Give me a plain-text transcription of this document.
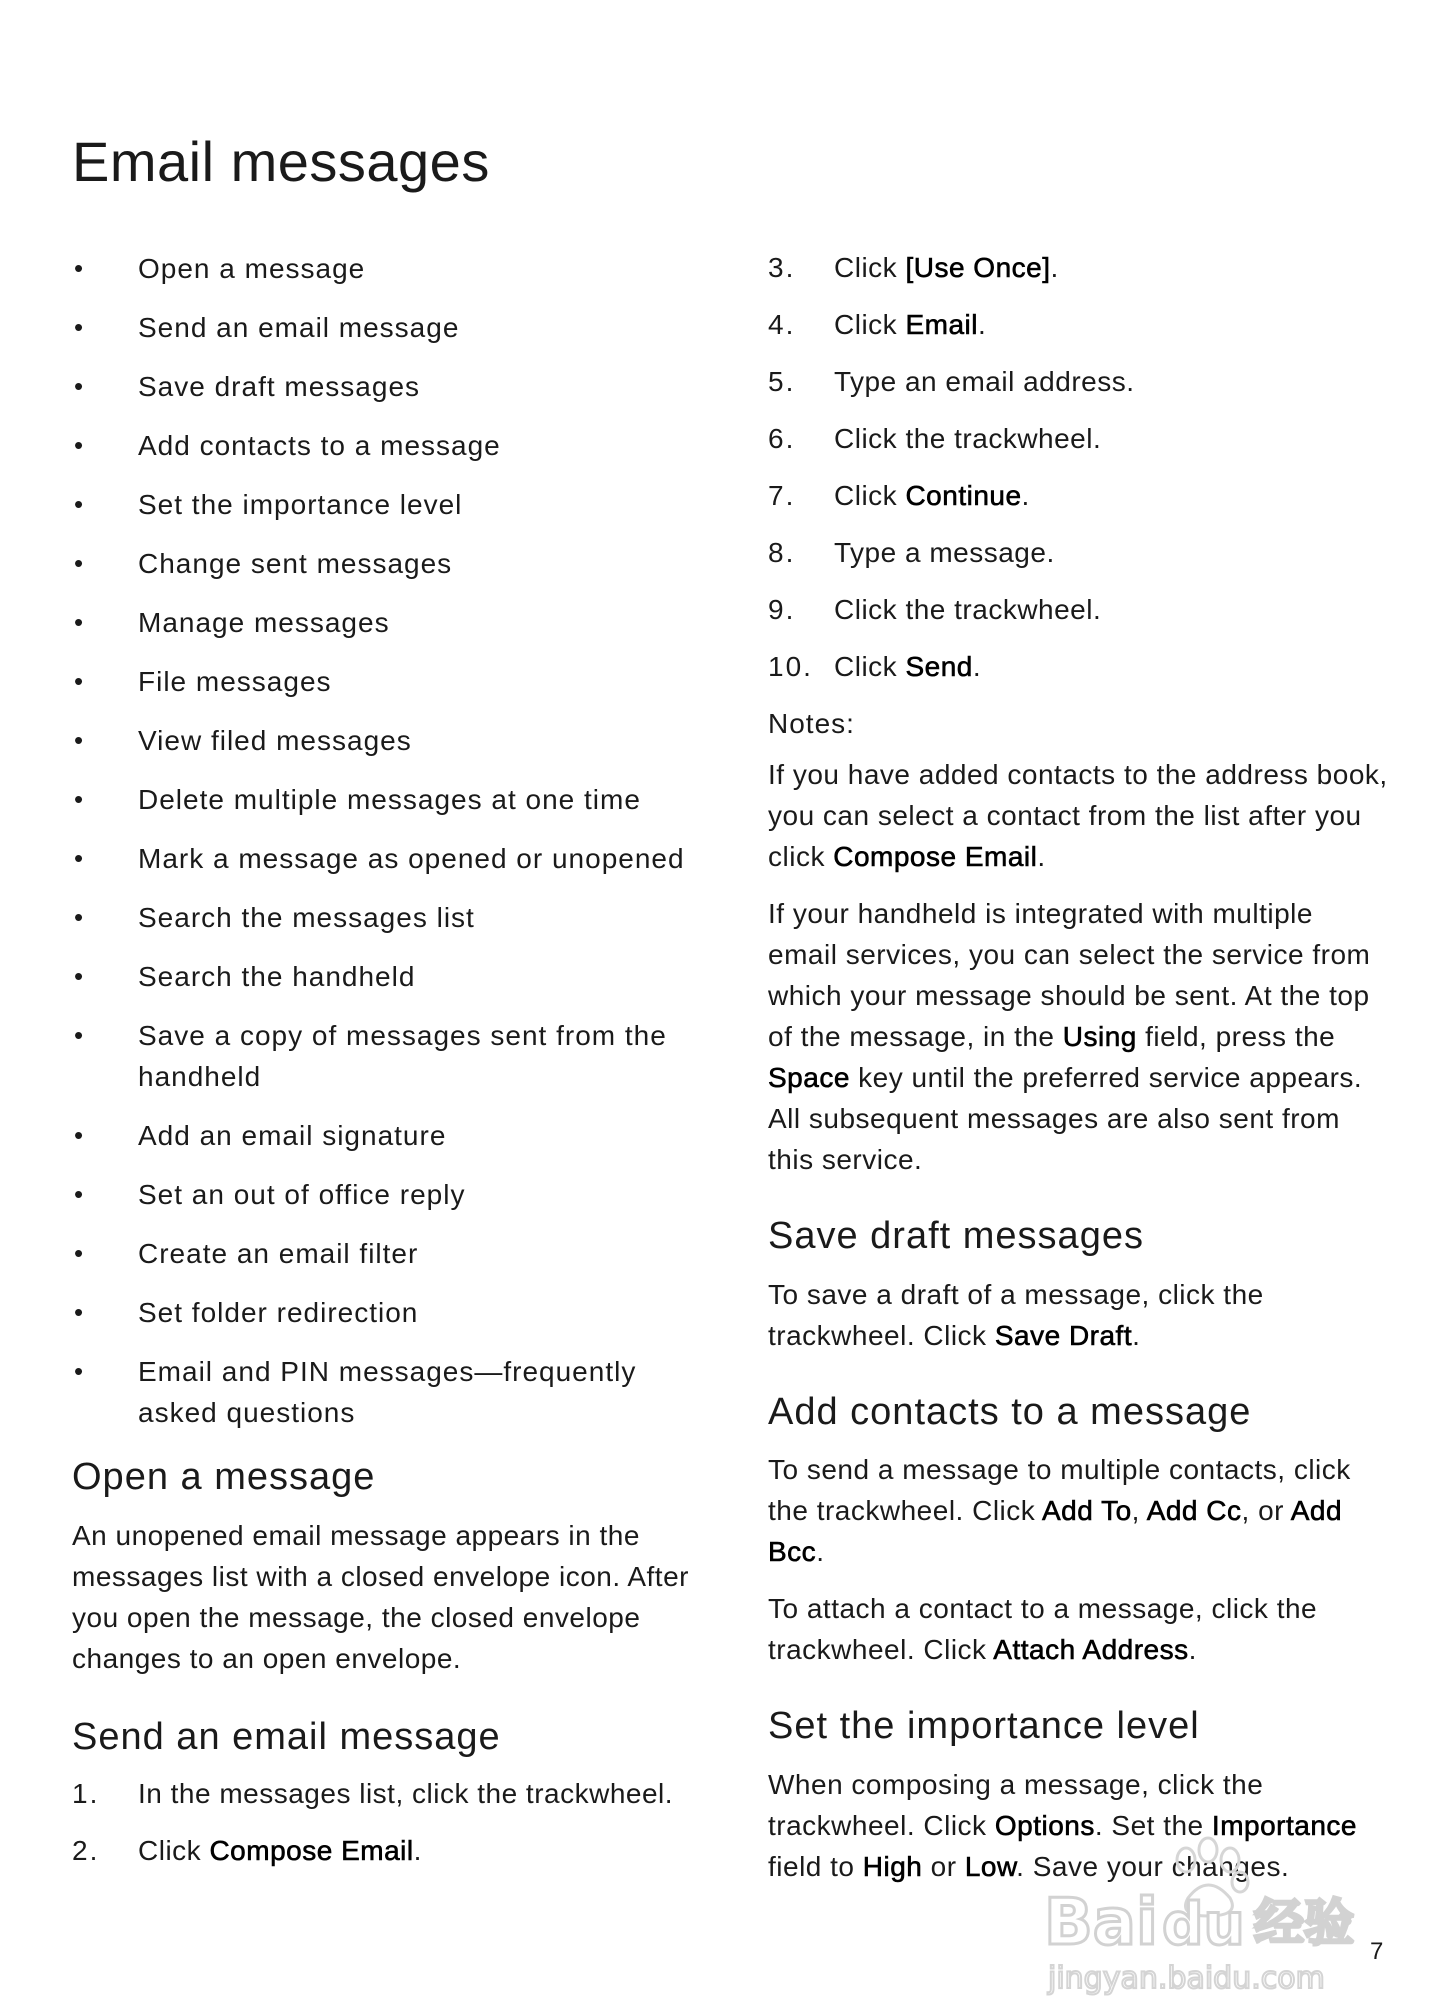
Email messages
• Open a message
• Send an email message
• Save draft messages
• Add contacts to a message
• Set the importance level
• Change sent messages
• Manage messages
• File messages
• View filed messages
• Delete multiple messages at one time
• Mark a message as opened or unopened
• Search the messages list
• Search the handheld
• Save a copy of messages sent from the handheld
• Add an email signature
• Set an out of office reply
• Create an email filter
• Set folder redirection
• Email and PIN messages—frequently asked questions
Open a message

An unopened email message appears in the messages list with a closed envelope icon. After you open the message, the closed envelope changes to an open envelope.

Send an email message
1. In the messages list, click the trackwheel.
2. Click Compose Email.
3. Click [Use Once].
4. Click Email.
5. Type an email address.
6. Click the trackwheel.
7. Click Continue.
8. Type a message.
9. Click the trackwheel.
10. Click Send.
Notes:

If you have added contacts to the address book, you can select a contact from the list after you click Compose Email.

If your handheld is integrated with multiple email services, you can select the service from which your message should be sent. At the top of the message, in the Using field, press the Space key until the preferred service appears. All subsequent messages are also sent from this service.

Save draft messages

To save a draft of a message, click the trackwheel. Click Save Draft.

Add contacts to a message

To send a message to multiple contacts, click the trackwheel. Click Add To, Add Cc, or Add Bcc.

To attach a contact to a message, click the trackwheel. Click Attach Address.

Set the importance level

When composing a message, click the trackwheel. Click Options. Set the Importance field to High or Low. Save your changes.

Bai du 经验
jingyan.baidu.com
7
